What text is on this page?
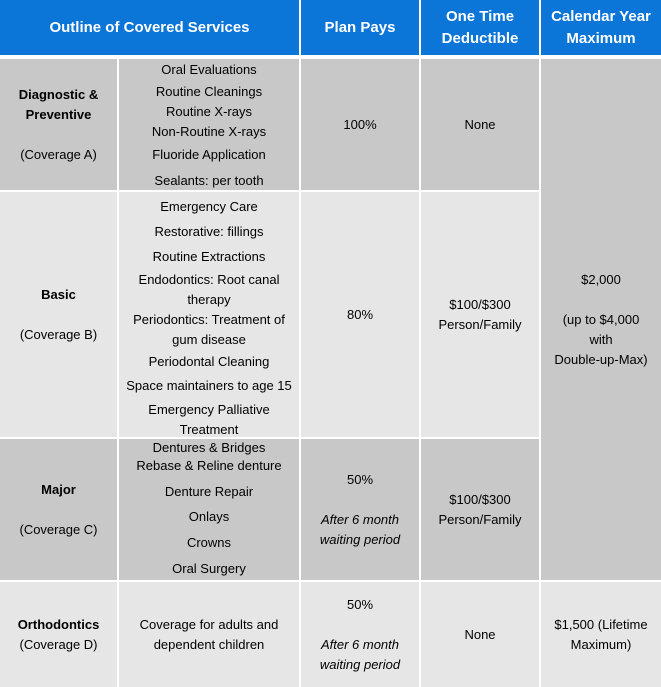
Outline of Covered Services	Plan Pays
One Time
Deductible
Calendar Year
Maximum
Diagnostic &
Preventive
(Coverage A)
Oral Evaluations
Routine Cleanings
Routine X-rays
Non-Routine X-rays
Fluoride Application
Sealants: per tooth
100%	None
$2,000
(up to $4,000
with
Double-up-Max)
Basic
(Coverage B)
Emergency Care
Restorative: fillings
Routine Extractions
Endodontics: Root canal
therapy
Periodontics: Treatment of
gum disease
Periodontal Cleaning
Space maintainers to age 15
Emergency Palliative
Treatment
80%
$100/$300
Person/Family
Major
(Coverage C)
Dentures & Bridges
Rebase & Reline denture
Denture Repair
Onlays
Crowns
Oral Surgery
50%
After 6 month
waiting period
$100/$300
Person/Family
Orthodontics
(Coverage D)
Coverage for adults and
dependent children
50%
After 6 month
waiting period
None
$1,500 (Lifetime
Maximum)
